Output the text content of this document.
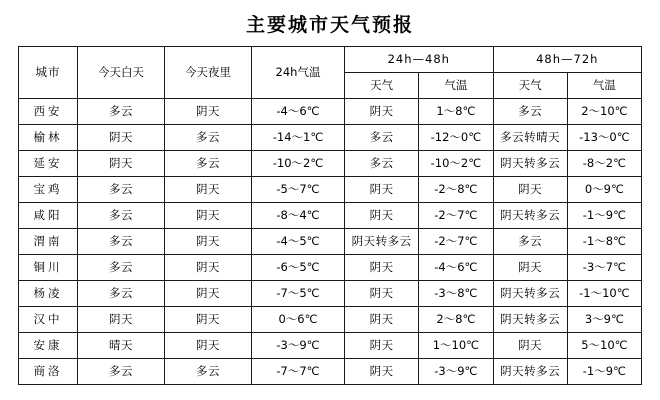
主要城市天气预报
城市	今天白天	今天夜里	24h气温	24h—48h		48h—72h	
				天气	气温	天气	气温
西安	多云	阴天	-4～6℃	阴天	1～8℃	多云	2～10℃
榆林	阴天	多云	-14～1℃	多云	-12～0℃	多云转晴天	-13～0℃
延安	阴天	多云	-10～2℃	多云	-10～2℃	阴天转多云	-8～2℃
宝鸡	多云	阴天	-5～7℃	阴天	-2～8℃	阴天	0～9℃
咸阳	多云	阴天	-8～4℃	阴天	-2～7℃	阴天转多云	-1～9℃
渭南	多云	阴天	-4～5℃	阴天转多云	-2～7℃	多云	-1～8℃
铜川	多云	阴天	-6～5℃	阴天	-4～6℃	阴天	-3～7℃
杨凌	多云	阴天	-7～5℃	阴天	-3～8℃	阴天转多云	-1～10℃
汉中	阴天	阴天	0～6℃	阴天	2～8℃	阴天转多云	3～9℃
安康	晴天	阴天	-3～9℃	阴天	1～10℃	阴天	5～10℃
商洛	多云	多云	-7～7℃	阴天	-3～9℃	阴天转多云	-1～9℃
